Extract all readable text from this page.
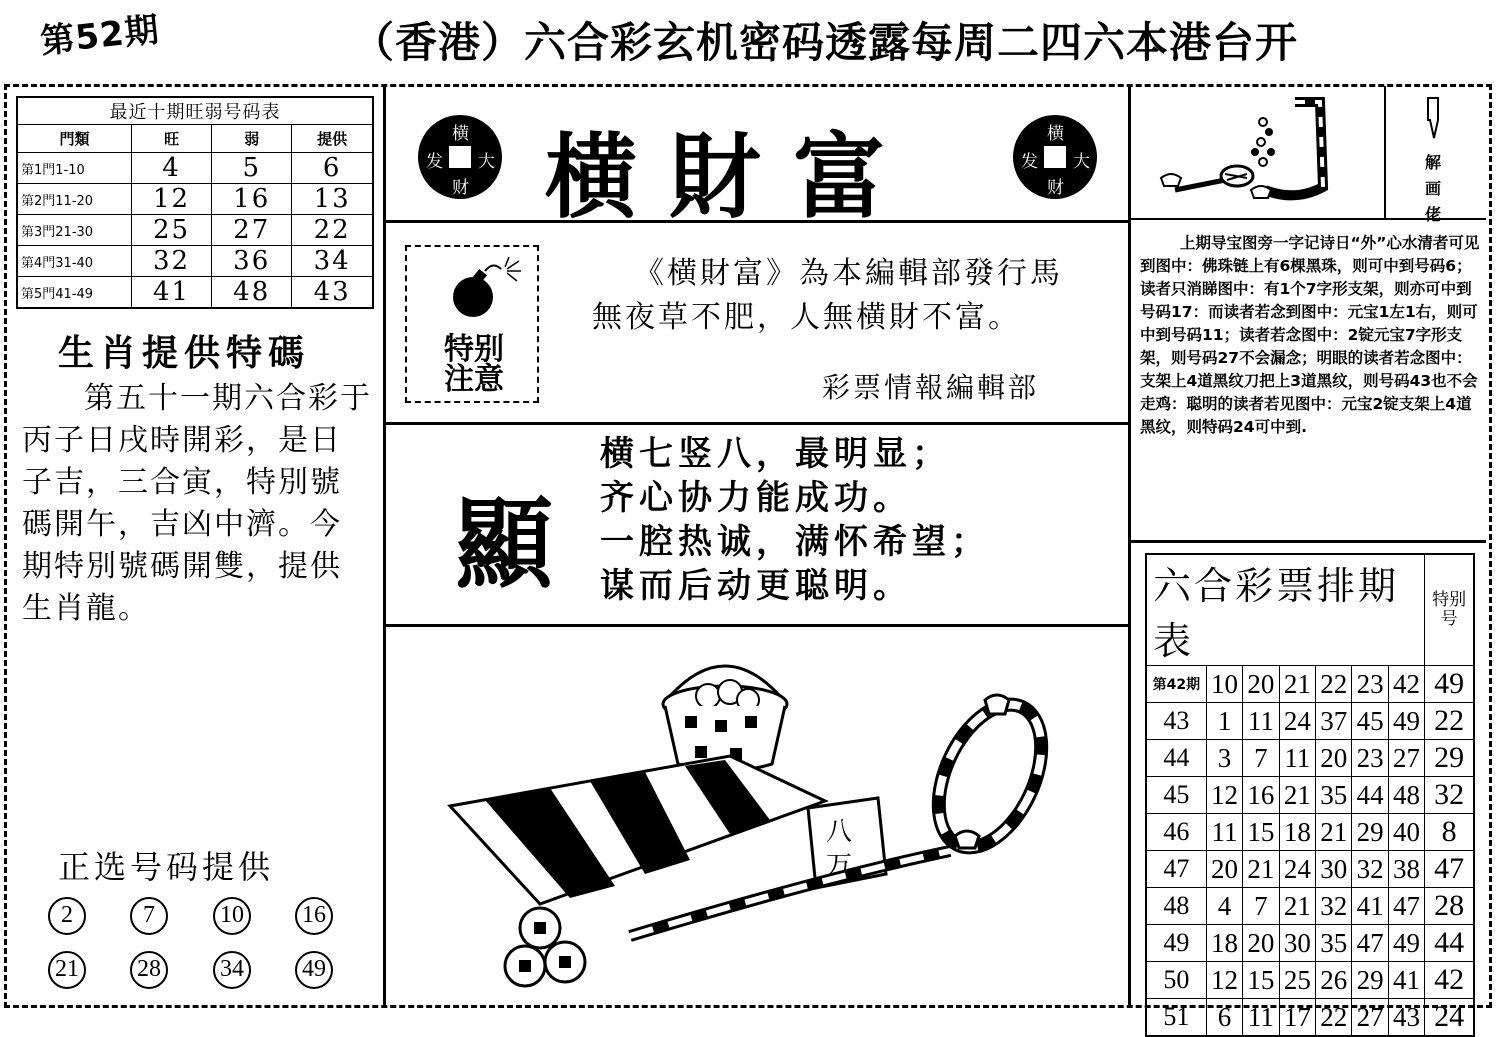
第52期	（香港）六合彩玄机密码透露每周二四六本港台开
最近十期旺弱号码表			
門類	旺	弱	提供
第1門1-10	4	5	6
第2門11-20	12	16	13
第3門21-30	25	27	22
第4門31-40	32	36	34
第5門41-49	41	48	43
生肖提供特碼
第五十一期六合彩于丙子日戌時開彩，是日子吉，三合寅，特別號碼開午，吉凶中濟。今期特別號碼開雙，提供生肖龍。
正选号码提供
2	7	10 16
21 28 34 49
横
发 大
财 横財富	横
发 大
财
特别
注意
《横財富》為本編輯部發行馬無夜草不肥，人無横財不富。
彩票情報編輯部
顯
横七竖八，最明显；
齐心协力能成功。
一腔热诚，满怀希望；
谋而后动更聪明。
八
万
解
画
佬
上期导宝图旁一字记诗日“外”心水清者可见到图中：佛珠链上有6棵黑珠，则可中到号码6；读者只消睇图中：有1个7字形支架，则亦可中到号码17：而读者若念到图中：元宝1左1右，则可中到号码11；读者若念图中：2锭元宝7字形支架，则号码27不会漏念；明眼的读者若念图中：支架上4道黑纹刀把上3道黑纹，则号码43也不会走鸡：聪明的读者若见图中：元宝2锭支架上4道黑纹，则特码24可中到.
六合彩票排期表							特别号
第42期	10	20	21	22	23	42	49
43	1	11	24	37	45	49	22
44	3	7	11	20	23	27	29
45	12	16	21	35	44	48	32
46	11	15	18	21	29	40	8
47	20	21	24	30	32	38	47
48	4	7	21	32	41	47	28
49	18	20	30	35	47	49	44
50	12	15	25	26	29	41	42
51	6	11	17	22	27	43	24
